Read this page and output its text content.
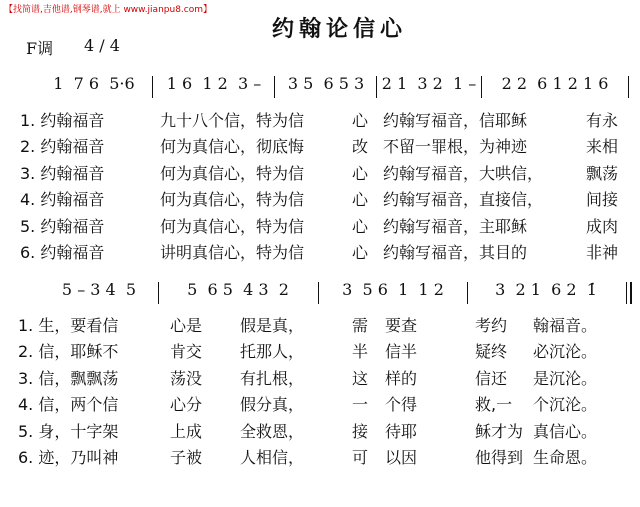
【找简谱,吉他谱,钢琴谱,就上 www.jianpu8.com】
约翰论信心
F调 4 / 4
1  7 6  5·6	1 6  1 2  3 –	3 5  6 5 3	2 1  3 2  1 –	2 2  6 1 2 1 6
1. 约翰福音	九十八个信，特为信	心 约翰写福音，信耶稣	有永
2. 约翰福音	何为真信心，彻底悔	改 不留一罪根，为神迹	来相
3. 约翰福音	何为真信心，特为信	心 约翰写福音，大哄信，	飘荡
4. 约翰福音	何为真信心，特为信	心 约翰写福音，直接信，	间接
5. 约翰福音	何为真信心，特为信	心 约翰写福音，主耶稣	成肉
6. 约翰福音	讲明真信心，特为信	心 约翰写福音，其目的	非神
5 – 3 4  5	5  6 5  4 3  2	3  5 6  1  1 2	3  2 1  6 2  1̇
1. 生，要看信	心是 假是真，	需 要查	考约 翰福音。
2. 信，耶稣不	肯交 托那人，	半 信半	疑终 必沉沦。
3. 信，飘飘荡	荡没 有扎根，	这 样的	信还 是沉沦。
4. 信，两个信	心分 假分真，	一 个得	救,一 个沉沦。
5. 身，十字架	上成 全救恩，	接 待耶	稣才为 真信心。
6. 迹，乃叫神	子被 人相信，	可 以因	他得到 生命恩。
